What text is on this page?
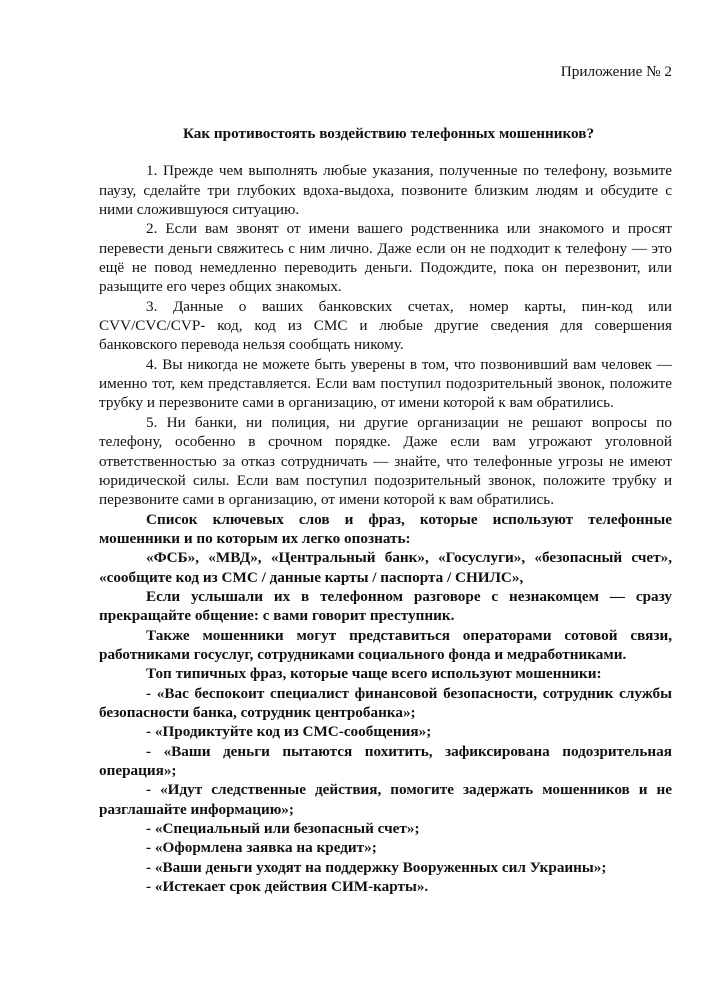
Приложение № 2

Как противостоять воздействию телефонных мошенников?

1. Прежде чем выполнять любые указания, полученные по телефону, возьмите паузу, сделайте три глубоких вдоха-выдоха, позвоните близким людям и обсудите с ними сложившуюся ситуацию.

2. Если вам звонят от имени вашего родственника или знакомого и просят перевести деньги свяжитесь с ним лично. Даже если он не подходит к телефону — это ещё не повод немедленно переводить деньги. Подождите, пока он перезвонит, или разыщите его через общих знакомых.

3. Данные о ваших банковских счетах, номер карты, пин-код или CVV/CVC/CVP- код, код из СМС и любые другие сведения для совершения банковского перевода нельзя сообщать никому.

4. Вы никогда не можете быть уверены в том, что позвонивший вам человек — именно тот, кем представляется. Если вам поступил подозрительный звонок, положите трубку и перезвоните сами в организацию, от имени которой к вам обратились.

5. Ни банки, ни полиция, ни другие организации не решают вопросы по телефону, особенно в срочном порядке. Даже если вам угрожают уголовной ответственностью за отказ сотрудничать — знайте, что телефонные угрозы не имеют юридической силы. Если вам поступил подозрительный звонок, положите трубку и перезвоните сами в организацию, от имени которой к вам обратились.

Список ключевых слов и фраз, которые используют телефонные мошенники и по которым их легко опознать:

«ФСБ», «МВД», «Центральный банк», «Госуслуги», «безопасный счет», «сообщите код из СМС / данные карты / паспорта / СНИЛС»,

Если услышали их в телефонном разговоре с незнакомцем — сразу прекращайте общение: с вами говорит преступник.

Также мошенники могут представиться операторами сотовой связи, работниками госуслуг, сотрудниками социального фонда и медработниками.

Топ типичных фраз, которые чаще всего используют мошенники:

- «Вас беспокоит специалист финансовой безопасности, сотрудник службы безопасности банка, сотрудник центробанка»;

- «Продиктуйте код из СМС-сообщения»;

- «Ваши деньги пытаются похитить, зафиксирована подозрительная операция»;

- «Идут следственные действия, помогите задержать мошенников и не разглашайте информацию»;

- «Специальный или безопасный счет»;

- «Оформлена заявка на кредит»;

- «Ваши деньги уходят на поддержку Вооруженных сил Украины»;

- «Истекает срок действия СИМ-карты».
